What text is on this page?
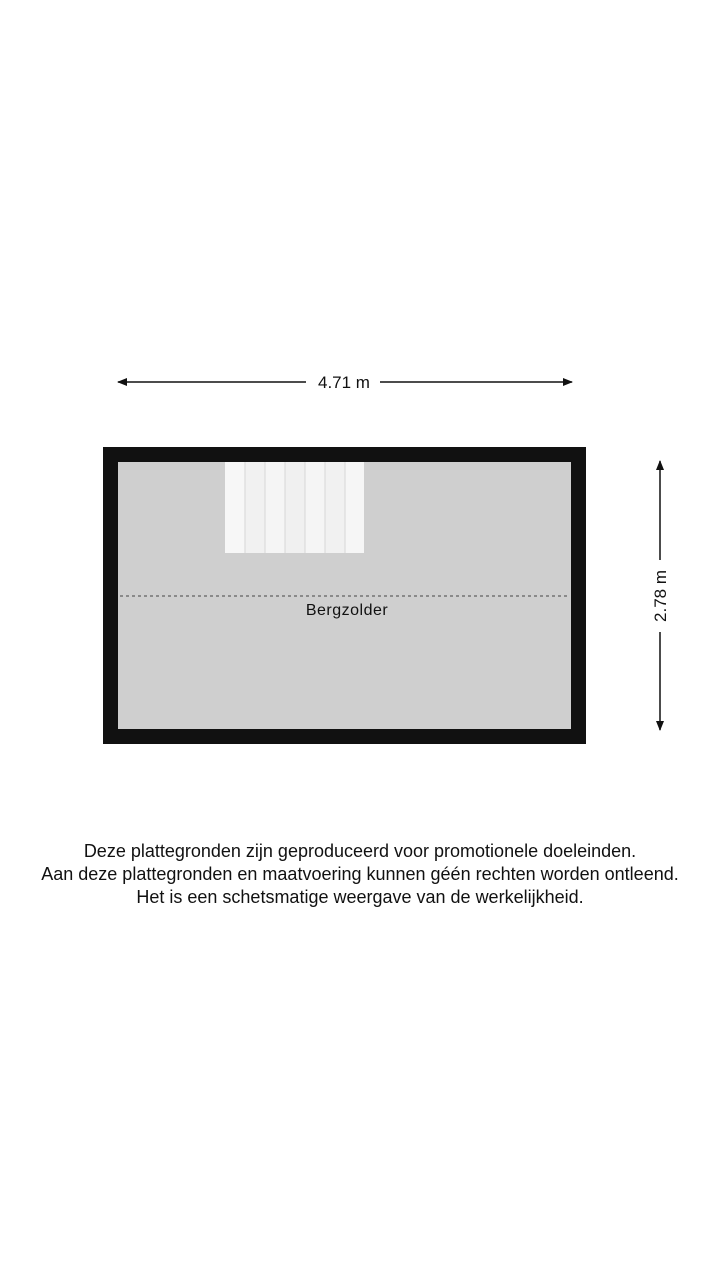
4.71 m
2.78 m
Bergzolder
Deze plattegronden zijn geproduceerd voor promotionele doeleinden.
Aan deze plattegronden en maatvoering kunnen géén rechten worden ontleend.
Het is een schetsmatige weergave van de werkelijkheid.
